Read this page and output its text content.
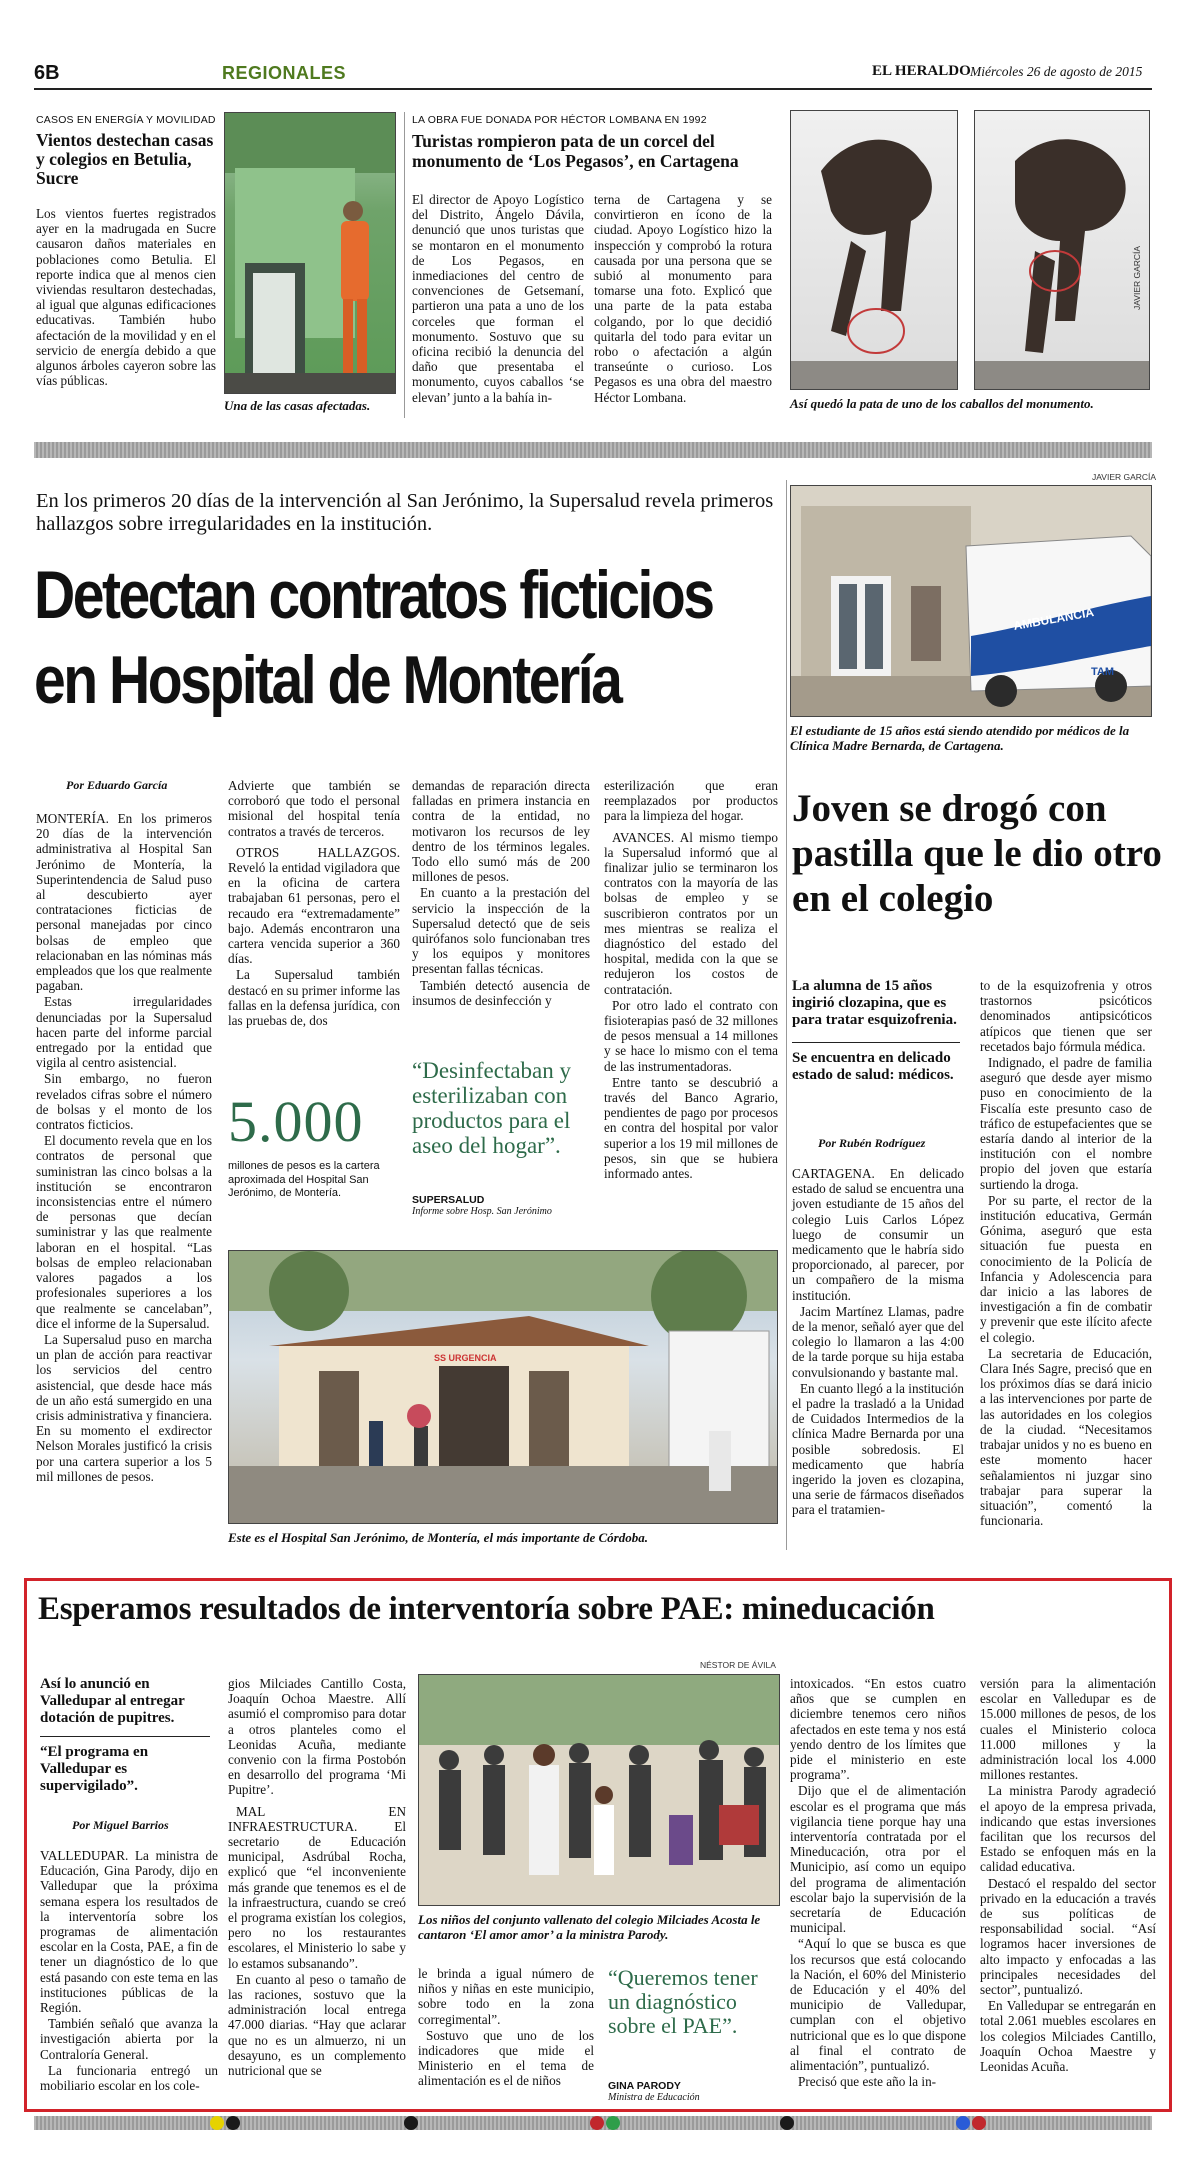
6B	REGIONALES	EL HERALDO Miércoles 26 de agosto de 2015
CASOS EN ENERGÍA Y MOVILIDAD
Vientos destechan casas y colegios en Betulia, Sucre

Los vientos fuertes registrados ayer en la madrugada en Sucre causaron daños materiales en poblaciones como Betulia. El reporte indica que al menos cien viviendas resultaron destechadas, al igual que algunas edificaciones educativas. También hubo afectación de la movilidad y en el servicio de energía debido a que algunos árboles cayeron sobre las vías públicas.

Una de las casas afectadas.
LA OBRA FUE DONADA POR HÉCTOR LOMBANA EN 1992
Turistas rompieron pata de un corcel del monumento de ‘Los Pegasos’, en Cartagena

El director de Apoyo Logístico del Distrito, Ángelo Dávila, denunció que unos turistas que se montaron en el monumento de Los Pegasos, en inmediaciones del centro de convenciones de Getsemaní, partieron una pata a uno de los corceles que forman el monumento. Sostuvo que su oficina recibió la denuncia del daño que presentaba el monumento, cuyos caballos ‘se elevan’ junto a la bahía in-

terna de Cartagena y se convirtieron en ícono de la ciudad. Apoyo Logístico hizo la inspección y comprobó la rotura causada por una persona que se subió al monumento para tomarse una foto. Explicó que una parte de la pata estaba colgando, por lo que decidió quitarla del todo para evitar un robo o afectación a algún transeúnte o curioso. Los Pegasos es una obra del maestro Héctor Lombana.

JAVIER GARCÍA
Así quedó la pata de uno de los caballos del monumento.
En los primeros 20 días de la intervención al San Jerónimo, la Supersalud revela primeros hallazgos sobre irregularidades en la institución.
Detectan contratos ficticios
en Hospital de Montería
Por Eduardo García

MONTERÍA. En los primeros 20 días de la intervención administrativa al Hospital San Jerónimo de Montería, la Superintendencia de Salud puso al descubierto ayer contrataciones ficticias de personal manejadas por cinco bolsas de empleo que relacionaban en las nóminas más empleados que los que realmente pagaban.

Estas irregularidades denunciadas por la Supersalud hacen parte del informe parcial entregado por la entidad que vigila al centro asistencial.

Sin embargo, no fueron revelados cifras sobre el número de bolsas y el monto de los contratos ficticios.

El documento revela que en los contratos de personal que suministran las cinco bolsas a la institución se encontraron inconsistencias entre el número de personas que decían suministrar y las que realmente laboran en el hospital. “Las bolsas de empleo relacionaban valores pagados a los profesionales superiores a los que realmente se cancelaban”, dice el informe de la Supersalud.

La Supersalud puso en marcha un plan de acción para reactivar los servicios del centro asistencial, que desde hace más de un año está sumergido en una crisis administrativa y financiera. En su momento el exdirector Nelson Morales justificó la crisis por una cartera superior a los 5 mil millones de pesos.

Advierte que también se corroboró que todo el personal misional del hospital tenía contratos a través de terceros.

OTROS HALLAZGOS. Reveló la entidad vigiladora que en la oficina de cartera trabajaban 61 personas, pero el recaudo era “extremadamente” bajo. Además encontraron una cartera vencida superior a 360 días.

La Supersalud también destacó en su primer informe las fallas en la defensa jurídica, con las pruebas de, dos

demandas de reparación directa falladas en primera instancia en contra de la entidad, no motivaron los recursos de ley dentro de los términos legales. Todo ello sumó más de 200 millones de pesos.

En cuanto a la prestación del servicio la inspección de la Supersalud detectó que de seis quirófanos solo funcionaban tres y los equipos y monitores presentan fallas técnicas.

También detectó ausencia de insumos de desinfección y

esterilización que eran reemplazados por productos para la limpieza del hogar.

AVANCES. Al mismo tiempo la Supersalud informó que al finalizar julio se terminaron los contratos con la mayoría de las bolsas de empleo y se suscribieron contratos por un mes mientras se realiza el diagnóstico del estado del hospital, medida con la que se redujeron los costos de contratación.

Por otro lado el contrato con fisioterapias pasó de 32 millones de pesos mensual a 14 millones y se hace lo mismo con el tema de las instrumentadoras.

Entre tanto se descubrió a través del Banco Agrario, pendientes de pago por procesos en contra del hospital por valor superior a los 19 mil millones de pesos, sin que se hubiera informado antes.

5.000
millones de pesos es la cartera aproximada del Hospital San Jerónimo, de Montería.
“Desinfectaban y esterilizaban con productos para el aseo del hogar”.
SUPERSALUD
Informe sobre Hosp. San Jerónimo
SS URGENCIA
Este es el Hospital San Jerónimo, de Montería, el más importante de Córdoba.
JAVIER GARCÍA
AMBULANCIA
TAM
El estudiante de 15 años está siendo atendido por médicos de la Clínica Madre Bernarda, de Cartagena.
Joven se drogó con pastilla que le dio otro en el colegio
La alumna de 15 años ingirió clozapina, que es para tratar esquizofrenia.
Se encuentra en delicado estado de salud: médicos.
Por Rubén Rodríguez

CARTAGENA. En delicado estado de salud se encuentra una joven estudiante de 15 años del colegio Luis Carlos López luego de consumir un medicamento que le habría sido proporcionado, al parecer, por un compañero de la misma institución.

Jacim Martínez Llamas, padre de la menor, señaló ayer que del colegio lo llamaron a las 4:00 de la tarde porque su hija estaba convulsionando y bastante mal.

En cuanto llegó a la institución el padre la trasladó a la Unidad de Cuidados Intermedios de la clínica Madre Bernarda por una posible sobredosis. El medicamento que habría ingerido la joven es clozapina, una serie de fármacos diseñados para el tratamien-

to de la esquizofrenia y otros trastornos psicóticos denominados antipsicóticos atípicos que tienen que ser recetados bajo fórmula médica.

Indignado, el padre de familia aseguró que desde ayer mismo puso en conocimiento de la Fiscalía este presunto caso de tráfico de estupefacientes que se estaría dando al interior de la institución con el nombre propio del joven que estaría surtiendo la droga.

Por su parte, el rector de la institución educativa, Germán Gónima, aseguró que esta situación fue puesta en conocimiento de la Policía de Infancia y Adolescencia para dar inicio a las labores de investigación a fin de combatir y prevenir que este ilícito afecte el colegio.

La secretaria de Educación, Clara Inés Sagre, precisó que en los próximos días se dará inicio a las intervenciones por parte de las autoridades en los colegios de la ciudad. “Necesitamos trabajar unidos y no es bueno en este momento hacer señalamientos ni juzgar sino trabajar para superar la situación”, comentó la funcionaria.

Esperamos resultados de interventoría sobre PAE: mineducación
NÉSTOR DE ÁVILA
Así lo anunció en Valledupar al entregar dotación de pupitres.
“El programa en Valledupar es supervigilado”.
Por Miguel Barrios

VALLEDUPAR. La ministra de Educación, Gina Parody, dijo en Valledupar que la próxima semana espera los resultados de la interventoría sobre los programas de alimentación escolar en la Costa, PAE, a fin de tener un diagnóstico de lo que está pasando con este tema en las instituciones públicas de la Región.

También señaló que avanza la investigación abierta por la Contraloría General.

La funcionaria entregó un mobiliario escolar en los cole-

gios Milciades Cantillo Costa, Joaquín Ochoa Maestre. Allí asumió el compromiso para dotar a otros planteles como el Leonidas Acuña, mediante convenio con la firma Postobón en desarrollo del programa ‘Mi Pupitre’.

MAL EN INFRAESTRUCTURA. El secretario de Educación municipal, Asdrúbal Rocha, explicó que “el inconveniente más grande que tenemos es el de la infraestructura, cuando se creó el programa existían los colegios, pero no los restaurantes escolares, el Ministerio lo sabe y lo estamos subsanando”.

En cuanto al peso o tamaño de las raciones, sostuvo que la administración local entrega 47.000 diarias. “Hay que aclarar que no es un almuerzo, ni un desayuno, es un complemento nutricional que se

Los niños del conjunto vallenato del colegio Milciades Acosta le cantaron ‘El amor amor’ a la ministra Parody.

le brinda a igual número de niños y niñas en este municipio, sobre todo en la zona corregimental”.

Sostuvo que uno de los indicadores que mide el Ministerio en el tema de alimentación es el de niños

“Queremos tener un diagnóstico sobre el PAE”.
GINA PARODY
Ministra de Educación

intoxicados. “En estos cuatro años que se cumplen en diciembre tenemos cero niños afectados en este tema y nos está yendo dentro de los límites que pide el ministerio en este programa”.

Dijo que el de alimentación escolar es el programa que más vigilancia tiene porque hay una interventoría contratada por el Mineducación, otra por el Municipio, así como un equipo del programa de alimentación escolar bajo la supervisión de la secretaría de Educación municipal.

“Aquí lo que se busca es que los recursos que está colocando la Nación, el 60% del Ministerio de Educación y el 40% del municipio de Valledupar, cumplan con el objetivo nutricional que es lo que dispone al final el contrato de alimentación”, puntualizó.

Precisó que este año la in-

versión para la alimentación escolar en Valledupar es de 15.000 millones de pesos, de los cuales el Ministerio coloca 11.000 millones y la administración local los 4.000 millones restantes.

La ministra Parody agradeció el apoyo de la empresa privada, indicando que estas inversiones facilitan que los recursos del Estado se enfoquen más en la calidad educativa.

Destacó el respaldo del sector privado en la educación a través de sus políticas de responsabilidad social. “Así logramos hacer inversiones de alto impacto y enfocadas a las principales necesidades del sector”, puntualizó.

En Valledupar se entregarán en total 2.061 muebles escolares en los colegios Milciades Cantillo, Joaquín Ochoa Maestre y Leonidas Acuña.
